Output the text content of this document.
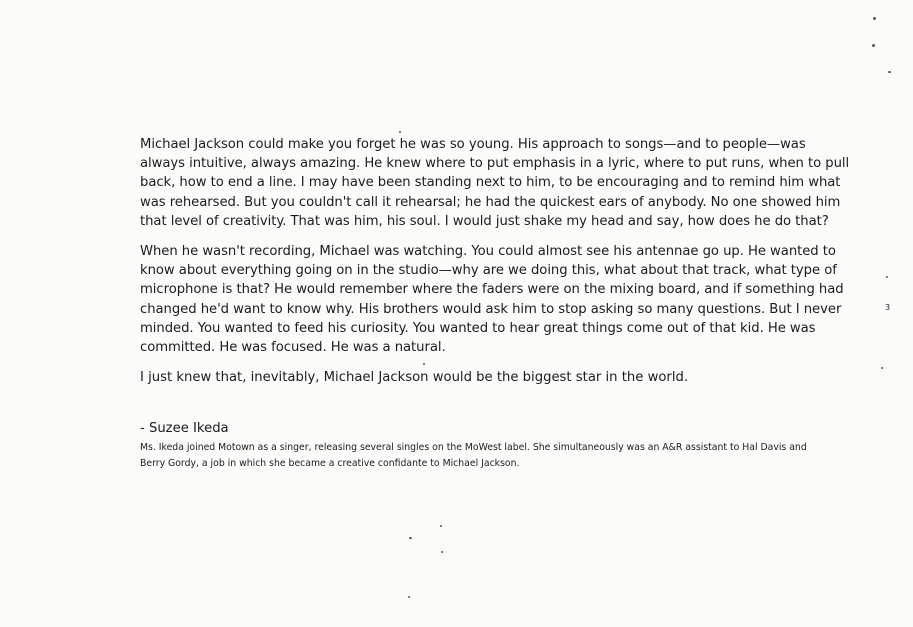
Michael Jackson could make you forget he was so young. His approach to songs—and to people—was always intuitive, always amazing. He knew where to put emphasis in a lyric, where to put runs, when to pull back, how to end a line. I may have been standing next to him, to be encouraging and to remind him what was rehearsed. But you couldn't call it rehearsal; he had the quickest ears of anybody. No one showed him that level of creativity. That was him, his soul. I would just shake my head and say, how does he do that?

When he wasn't recording, Michael was watching. You could almost see his antennae go up. He wanted to know about everything going on in the studio—why are we doing this, what about that track, what type of microphone is that? He would remember where the faders were on the mixing board, and if something had changed he'd want to know why. His brothers would ask him to stop asking so many questions. But I never minded. You wanted to feed his curiosity. You wanted to hear great things come out of that kid. He was committed. He was focused. He was a natural.

I just knew that, inevitably, Michael Jackson would be the biggest star in the world.

- Suzee Ikeda
Ms. Ikeda joined Motown as a singer, releasing several singles on the MoWest label. She simultaneously was an A&R assistant to Hal Davis and Berry Gordy, a job in which she became a creative confidante to Michael Jackson.
3
